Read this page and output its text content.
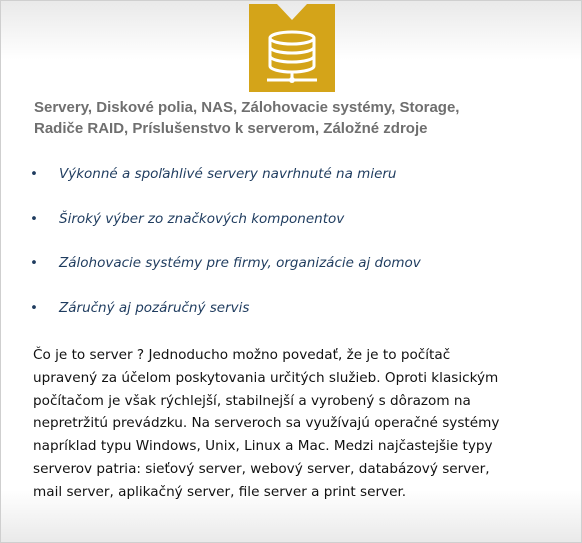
Servery, Diskové polia, NAS, Zálohovacie systémy, Storage,
Radiče RAID, Príslušenstvo k serverom, Záložné zdroje
• Výkonné a spoľahlivé servery navrhnuté na mieru
• Široký výber zo značkových komponentov
• Zálohovacie systémy pre firmy, organizácie aj domov
• Záručný aj pozáručný servis

Čo je to server ? Jednoducho možno povedať, že je to počítač
upravený za účelom poskytovania určitých služieb. Oproti klasickým
počítačom je však rýchlejší, stabilnejší a vyrobený s dôrazom na
nepretržitú prevádzku. Na serveroch sa využívajú operačné systémy
napríklad typu Windows, Unix, Linux a Mac. Medzi najčastejšie typy
serverov patria: sieťový server, webový server, databázový server,
mail server, aplikačný server, file server a print server.
